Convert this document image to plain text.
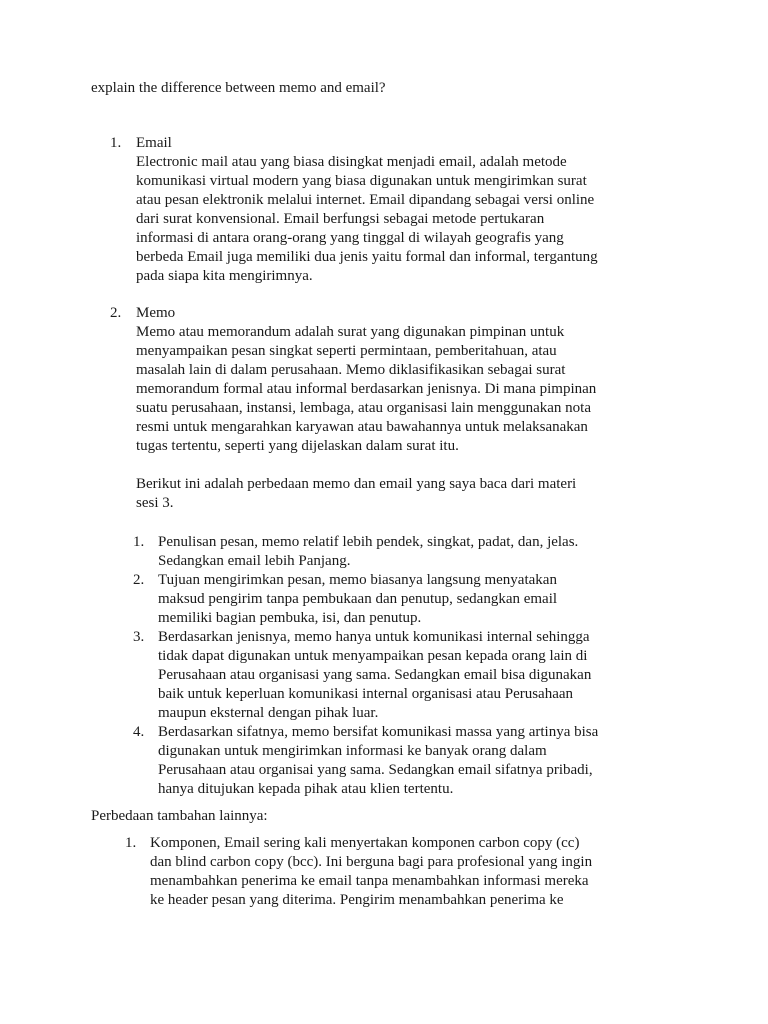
explain the difference between memo and email?
1. Email
Electronic mail atau yang biasa disingkat menjadi email, adalah metode
komunikasi virtual modern yang biasa digunakan untuk mengirimkan surat
atau pesan elektronik melalui internet. Email dipandang sebagai versi online
dari surat konvensional. Email berfungsi sebagai metode pertukaran
informasi di antara orang-orang yang tinggal di wilayah geografis yang
berbeda Email juga memiliki dua jenis yaitu formal dan informal, tergantung
pada siapa kita mengirimnya.
2. Memo
Memo atau memorandum adalah surat yang digunakan pimpinan untuk
menyampaikan pesan singkat seperti permintaan, pemberitahuan, atau
masalah lain di dalam perusahaan. Memo diklasifikasikan sebagai surat
memorandum formal atau informal berdasarkan jenisnya. Di mana pimpinan
suatu perusahaan, instansi, lembaga, atau organisasi lain menggunakan nota
resmi untuk mengarahkan karyawan atau bawahannya untuk melaksanakan
tugas tertentu, seperti yang dijelaskan dalam surat itu.
Berikut ini adalah perbedaan memo dan email yang saya baca dari materi
sesi 3.
1. Penulisan pesan, memo relatif lebih pendek, singkat, padat, dan, jelas.
Sedangkan email lebih Panjang.
2. Tujuan mengirimkan pesan, memo biasanya langsung menyatakan
maksud pengirim tanpa pembukaan dan penutup, sedangkan email
memiliki bagian pembuka, isi, dan penutup.
3. Berdasarkan jenisnya, memo hanya untuk komunikasi internal sehingga
tidak dapat digunakan untuk menyampaikan pesan kepada orang lain di
Perusahaan atau organisasi yang sama. Sedangkan email bisa digunakan
baik untuk keperluan komunikasi internal organisasi atau Perusahaan
maupun eksternal dengan pihak luar.
4. Berdasarkan sifatnya, memo bersifat komunikasi massa yang artinya bisa
digunakan untuk mengirimkan informasi ke banyak orang dalam
Perusahaan atau organisai yang sama. Sedangkan email sifatnya pribadi,
hanya ditujukan kepada pihak atau klien tertentu.
Perbedaan tambahan lainnya:
1. Komponen, Email sering kali menyertakan komponen carbon copy (cc)
dan blind carbon copy (bcc). Ini berguna bagi para profesional yang ingin
menambahkan penerima ke email tanpa menambahkan informasi mereka
ke header pesan yang diterima. Pengirim menambahkan penerima ke
